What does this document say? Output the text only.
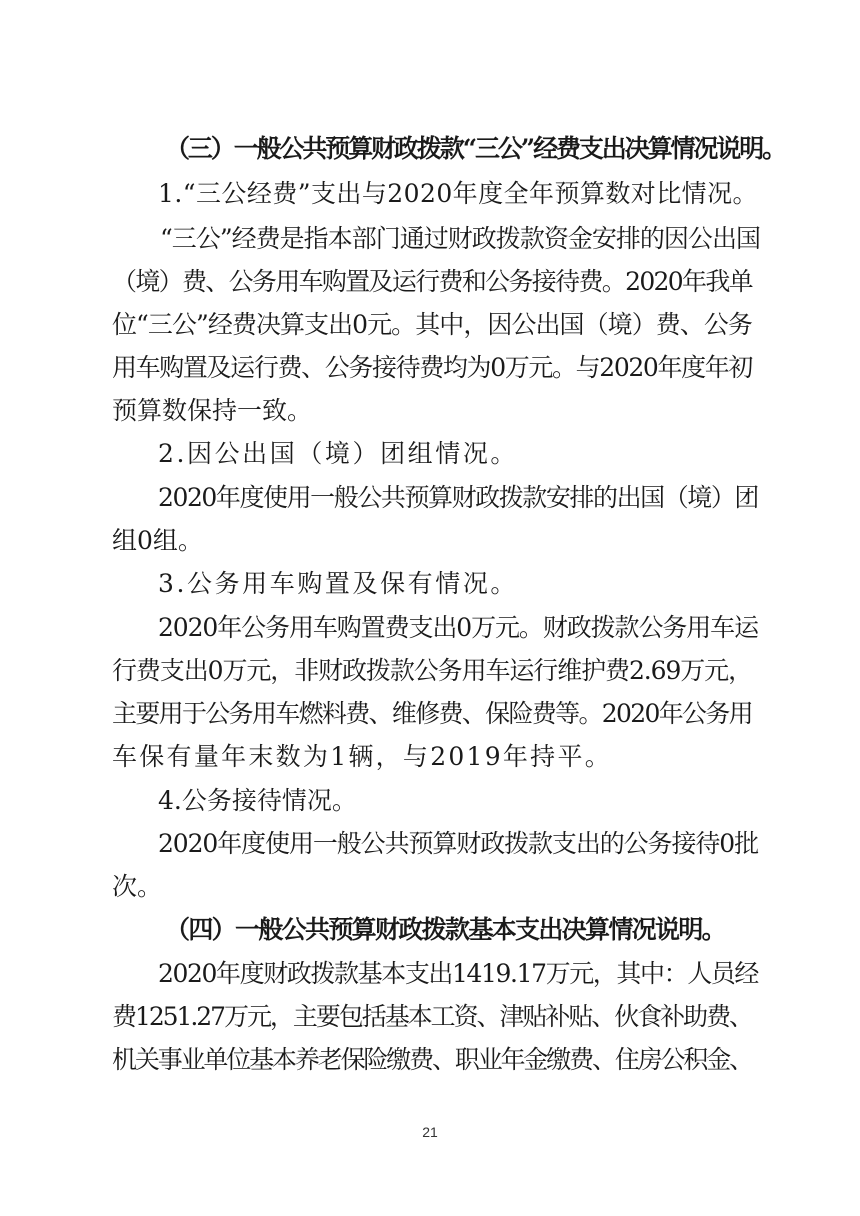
（三）一般公共预算财政拨款“三公”经费支出决算情况说明。
1.“三公经费”支出与2020年度全年预算数对比情况。
“三公”经费是指本部门通过财政拨款资金安排的因公出国
（境）费、公务用车购置及运行费和公务接待费。2020年我单
位“三公”经费决算支出0元。其中，因公出国（境）费、公务
用车购置及运行费、公务接待费均为0万元。与2020年度年初
预算数保持一致。
2.因公出国（境）团组情况。
2020年度使用一般公共预算财政拨款安排的出国（境）团
组0组。
3.公务用车购置及保有情况。
2020年公务用车购置费支出0万元。财政拨款公务用车运
行费支出0万元，非财政拨款公务用车运行维护费2.69万元，
主要用于公务用车燃料费、维修费、保险费等。2020年公务用
车保有量年末数为1辆，与2019年持平。
4.公务接待情况。
2020年度使用一般公共预算财政拨款支出的公务接待0批
次。
（四）一般公共预算财政拨款基本支出决算情况说明。
2020年度财政拨款基本支出1419.17万元，其中：人员经
费1251.27万元，主要包括基本工资、津贴补贴、伙食补助费、
机关事业单位基本养老保险缴费、职业年金缴费、住房公积金、
21
